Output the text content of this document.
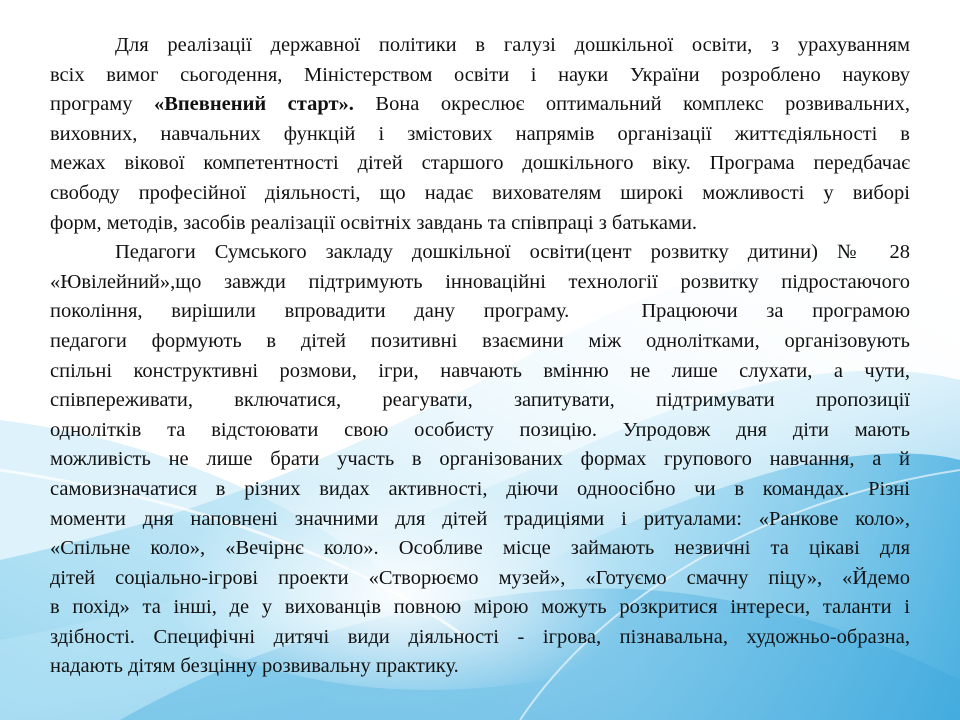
Для реалізації державної політики в галузі дошкільної освіти, з урахуванням
всіх вимог сьогодення, Міністерством освіти і науки України розроблено наукову
програму «Впевнений старт». Вона окреслює оптимальний комплекс розвивальних,
виховних, навчальних функцій і змістових напрямів організації життєдіяльності в
межах вікової компетентності дітей старшого дошкільного віку. Програма передбачає
свободу професійної діяльності, що надає вихователям широкі можливості у виборі
форм, методів, засобів реалізації освітніх завдань та співпраці з батьками.
Педагоги Сумського закладу дошкільної освіти(цент розвитку дитини) № 28
«Ювілейний»,що завжди підтримують інноваційні технології розвитку підростаючого
покоління, вирішили впровадити дану програму.	Працюючи за програмою
педагоги формують в дітей позитивні взаємини між однолітками, організовують
спільні конструктивні розмови, ігри, навчають вмінню не лише слухати, а чути,
співпереживати, включатися, реагувати, запитувати, підтримувати пропозиції
однолітків та відстоювати свою особисту позицію. Упродовж дня діти мають
можливість не лише брати участь в організованих формах групового навчання, а й
самовизначатися в різних видах активності, діючи одноосібно чи в командах. Різні
моменти дня наповнені значними для дітей традиціями і ритуалами: «Ранкове коло»,
«Спільне коло», «Вечірнє коло». Особливе місце займають незвичні та цікаві для
дітей соціально-ігрові проекти «Створюємо музей», «Готуємо смачну піцу», «Йдемо
в похід» та інші, де у вихованців повною мірою можуть розкритися інтереси, таланти і
здібності. Специфічні дитячі види діяльності - ігрова, пізнавальна, художньо-образна,
надають дітям безцінну розвивальну практику.
